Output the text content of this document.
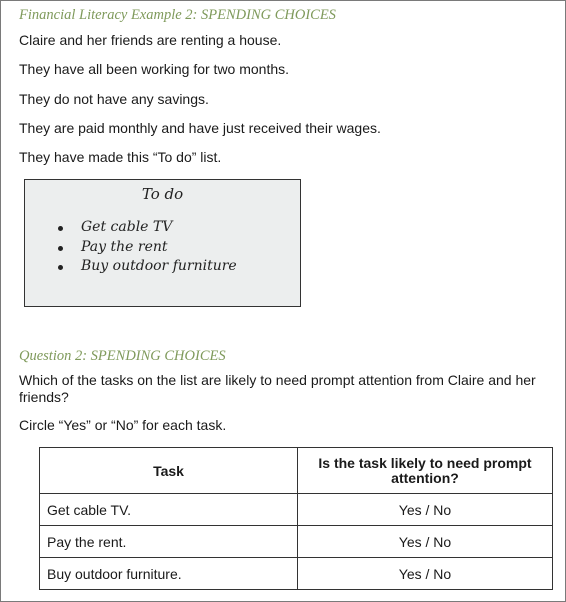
Financial Literacy Example 2: SPENDING CHOICES
Claire and her friends are renting a house.
They have all been working for two months.
They do not have any savings.
They are paid monthly and have just received their wages.
They have made this “To do” list.
To do
Get cable TV
Pay the rent
Buy outdoor furniture
Question 2: SPENDING CHOICES
Which of the tasks on the list are likely to need prompt attention from Claire and her friends?
Circle “Yes” or “No” for each task.
Task	Is the task likely to need prompt attention?
Get cable TV.	Yes / No
Pay the rent.	Yes / No
Buy outdoor furniture.	Yes / No
